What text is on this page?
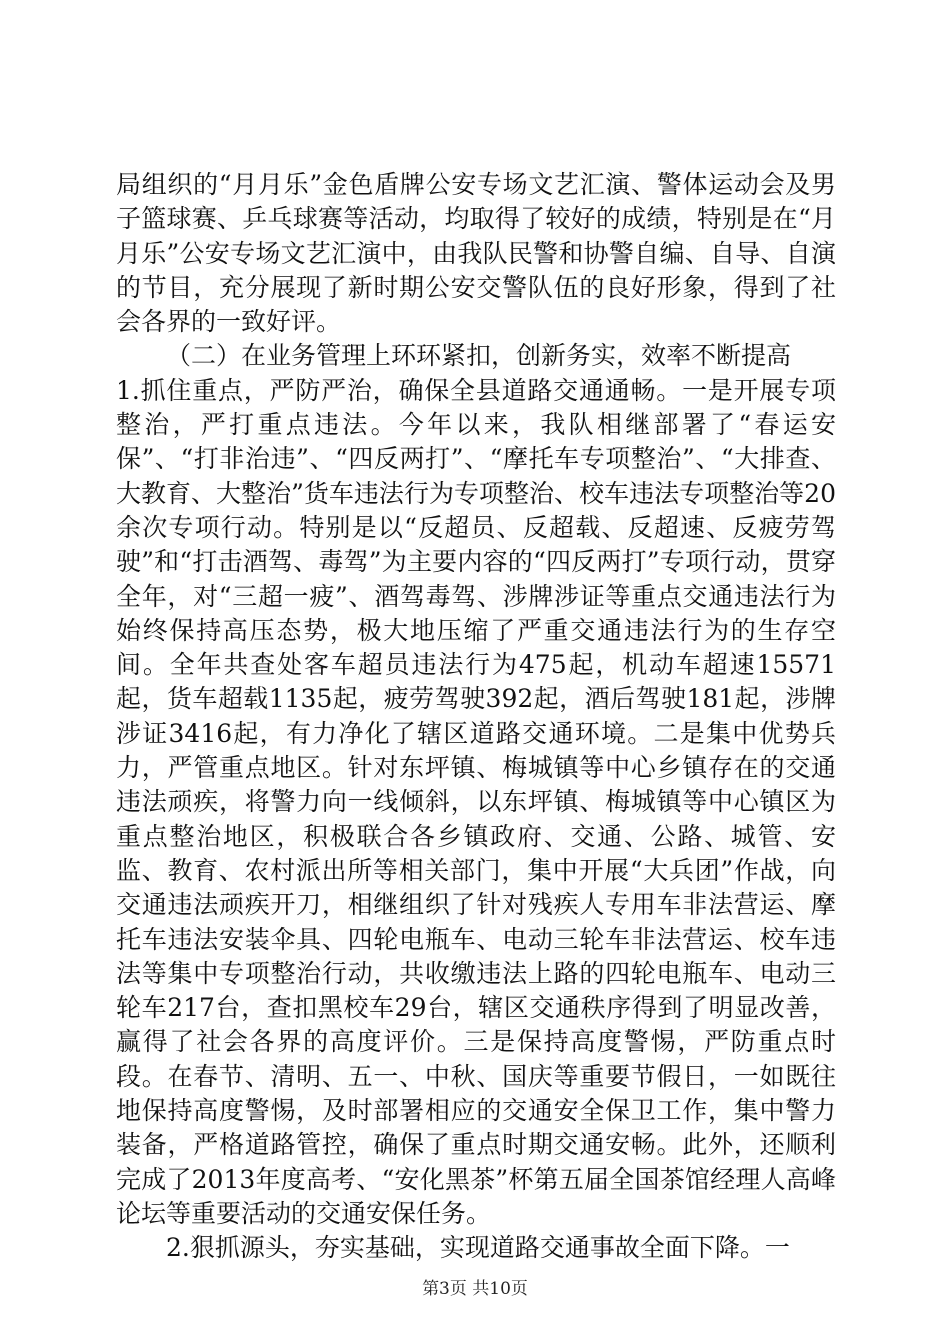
局组织的“月月乐”金色盾牌公安专场文艺汇演、警体运动会及男子篮球赛、乒乓球赛等活动，均取得了较好的成绩，特别是在“月月乐”公安专场文艺汇演中，由我队民警和协警自编、自导、自演的节目，充分展现了新时期公安交警队伍的良好形象，得到了社会各界的一致好评。

（二）在业务管理上环环紧扣，创新务实，效率不断提高

1.抓住重点，严防严治，确保全县道路交通通畅。一是开展专项整治，严打重点违法。今年以来，我队相继部署了“春运安保”、“打非治违”、“四反两打”、“摩托车专项整治”、“大排查、大教育、大整治”货车违法行为专项整治、校车违法专项整治等20余次专项行动。特别是以“反超员、反超载、反超速、反疲劳驾驶”和“打击酒驾、毒驾”为主要内容的“四反两打”专项行动，贯穿全年，对“三超一疲”、酒驾毒驾、涉牌涉证等重点交通违法行为始终保持高压态势，极大地压缩了严重交通违法行为的生存空间。全年共查处客车超员违法行为475起，机动车超速15571起，货车超载1135起，疲劳驾驶392起，酒后驾驶181起，涉牌涉证3416起，有力净化了辖区道路交通环境。二是集中优势兵力，严管重点地区。针对东坪镇、梅城镇等中心乡镇存在的交通违法顽疾，将警力向一线倾斜，以东坪镇、梅城镇等中心镇区为重点整治地区，积极联合各乡镇政府、交通、公路、城管、安监、教育、农村派出所等相关部门，集中开展“大兵团”作战，向交通违法顽疾开刀，相继组织了针对残疾人专用车非法营运、摩托车违法安装伞具、四轮电瓶车、电动三轮车非法营运、校车违法等集中专项整治行动，共收缴违法上路的四轮电瓶车、电动三轮车217台，查扣黑校车29台，辖区交通秩序得到了明显改善，赢得了社会各界的高度评价。三是保持高度警惕，严防重点时段。在春节、清明、五一、中秋、国庆等重要节假日，一如既往地保持高度警惕，及时部署相应的交通安全保卫工作，集中警力装备，严格道路管控，确保了重点时期交通安畅。此外，还顺利完成了2013年度高考、“安化黑茶”杯第五届全国茶馆经理人高峰论坛等重要活动的交通安保任务。

2.狠抓源头，夯实基础，实现道路交通事故全面下降。一

第3页 共10页
